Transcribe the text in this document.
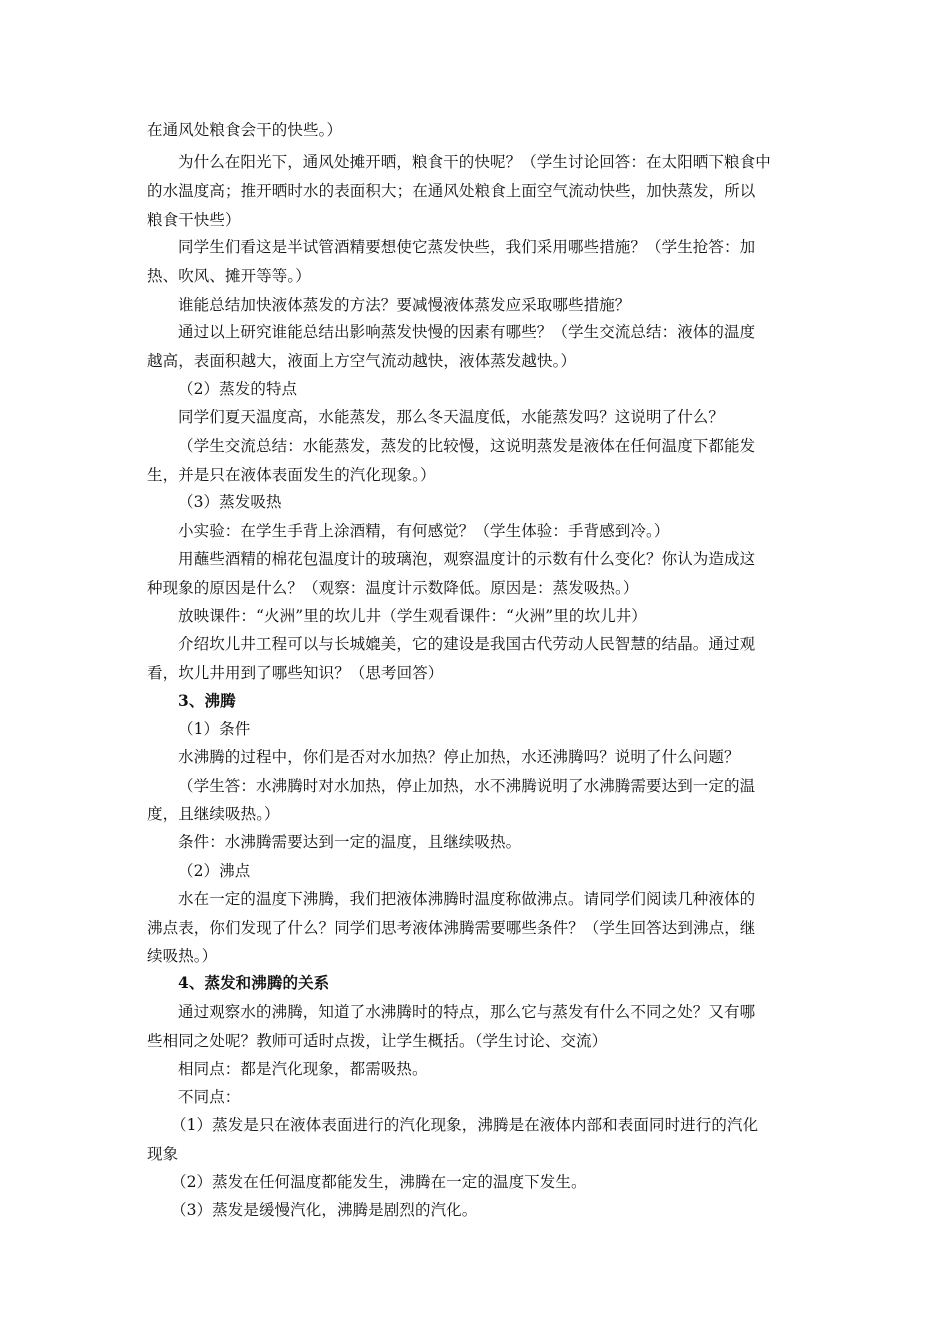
在通风处粮食会干的快些。）
为什么在阳光下，通风处摊开晒，粮食干的快呢？（学生讨论回答：在太阳晒下粮食中
的水温度高；推开晒时水的表面积大；在通风处粮食上面空气流动快些，加快蒸发，所以
粮食干快些）
同学生们看这是半试管酒精要想使它蒸发快些，我们采用哪些措施？（学生抢答：加
热、吹风、摊开等等。）
谁能总结加快液体蒸发的方法？要减慢液体蒸发应采取哪些措施？
通过以上研究谁能总结出影响蒸发快慢的因素有哪些？（学生交流总结：液体的温度
越高，表面积越大，液面上方空气流动越快，液体蒸发越快。）
（2）蒸发的特点
同学们夏天温度高，水能蒸发，那么冬天温度低，水能蒸发吗？这说明了什么？
（学生交流总结：水能蒸发，蒸发的比较慢，这说明蒸发是液体在任何温度下都能发
生，并是只在液体表面发生的汽化现象。）
（3）蒸发吸热
小实验：在学生手背上涂酒精，有何感觉？（学生体验：手背感到冷。）
用蘸些酒精的棉花包温度计的玻璃泡，观察温度计的示数有什么变化？你认为造成这
种现象的原因是什么？（观察：温度计示数降低。原因是：蒸发吸热。）
放映课件：“火洲”里的坎儿井（学生观看课件：“火洲”里的坎儿井）
介绍坎儿井工程可以与长城媲美，它的建设是我国古代劳动人民智慧的结晶。通过观
看，坎儿井用到了哪些知识？（思考回答）
3、沸腾
（1）条件
水沸腾的过程中，你们是否对水加热？停止加热，水还沸腾吗？说明了什么问题？
（学生答：水沸腾时对水加热，停止加热，水不沸腾说明了水沸腾需要达到一定的温
度，且继续吸热。）
条件：水沸腾需要达到一定的温度，且继续吸热。
（2）沸点
水在一定的温度下沸腾，我们把液体沸腾时温度称做沸点。请同学们阅读几种液体的
沸点表，你们发现了什么？同学们思考液体沸腾需要哪些条件？（学生回答达到沸点，继
续吸热。）
4、蒸发和沸腾的关系
通过观察水的沸腾，知道了水沸腾时的特点，那么它与蒸发有什么不同之处？又有哪
些相同之处呢？教师可适时点拨，让学生概括。（学生讨论、交流）
相同点：都是汽化现象，都需吸热。
不同点：
（1）蒸发是只在液体表面进行的汽化现象，沸腾是在液体内部和表面同时进行的汽化
现象
（2）蒸发在任何温度都能发生，沸腾在一定的温度下发生。
（3）蒸发是缓慢汽化，沸腾是剧烈的汽化。
